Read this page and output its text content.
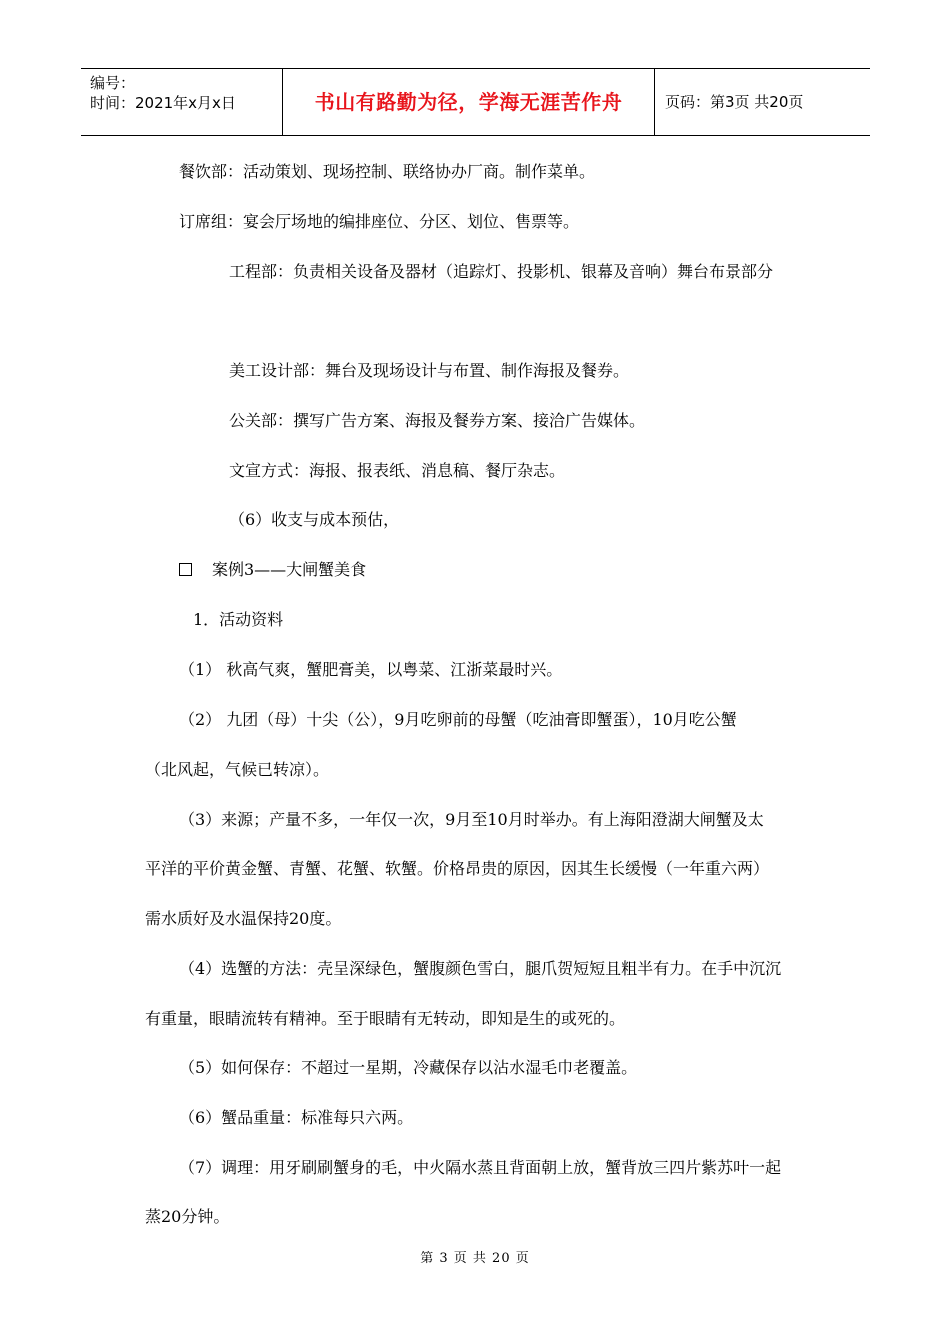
编号：
时间：2021年x月x日	书山有路勤为径，学海无涯苦作舟	页码：第3页 共20页
餐饮部：活动策划、现场控制、联络协办厂商。制作菜单。
订席组：宴会厅场地的编排座位、分区、划位、售票等。
工程部：负责相关设备及器材（追踪灯、投影机、银幕及音响）舞台布景部分
美工设计部：舞台及现场设计与布置、制作海报及餐券。
公关部：撰写广告方案、海报及餐券方案、接洽广告媒体。
文宣方式：海报、报表纸、消息稿、餐厅杂志。
（6）收支与成本预估，
案例3——大闸蟹美食
1．活动资料
（1） 秋高气爽，蟹肥膏美，以粤菜、江浙菜最时兴。
（2） 九团（母）十尖（公），9月吃卵前的母蟹（吃油膏即蟹蛋），10月吃公蟹
（北风起，气候已转凉）。
（3）来源；产量不多，一年仅一次，9月至10月时举办。有上海阳澄湖大闸蟹及太
平洋的平价黄金蟹、青蟹、花蟹、软蟹。价格昂贵的原因，因其生长缓慢（一年重六两）
需水质好及水温保持20度。
（4）选蟹的方法：壳呈深绿色，蟹腹颜色雪白，腿爪贺短短且粗半有力。在手中沉沉
有重量，眼睛流转有精神。至于眼睛有无转动，即知是生的或死的。
（5）如何保存：不超过一星期，冷藏保存以沾水湿毛巾老覆盖。
（6）蟹品重量：标准每只六两。
（7）调理：用牙刷刷蟹身的毛，中火隔水蒸且背面朝上放，蟹背放三四片紫苏叶一起
蒸20分钟。
第 3 页 共 20 页
